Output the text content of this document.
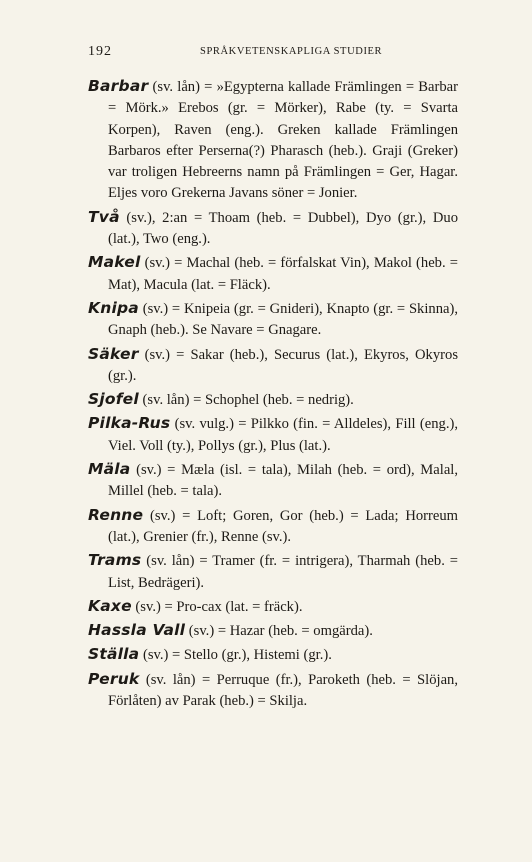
192	SPRÅKVETENSKAPLIGA STUDIER

Barbar (sv. lån) = »Egypterna kallade Främlingen = Barbar = Mörk.» Erebos (gr. = Mörker), Rabe (ty. = Svarta Korpen), Raven (eng.). Greken kallade Främlingen Barbaros efter Perserna(?) Pharasch (heb.). Graji (Greker) var troligen Hebreerns namn på Främlingen = Ger, Hagar. Eljes voro Grekerna Javans söner = Jonier.

Två (sv.), 2:an = Thoam (heb. = Dubbel), Dyo (gr.), Duo (lat.), Two (eng.).

Makel (sv.) = Machal (heb. = förfalskat Vin), Makol (heb. = Mat), Macula (lat. = Fläck).

Knipa (sv.) = Knipeia (gr. = Gnideri), Knapto (gr. = Skinna), Gnaph (heb.). Se Navare = Gnagare.

Säker (sv.) = Sakar (heb.), Securus (lat.), Ekyros, Okyros (gr.).

Sjofel (sv. lån) = Schophel (heb. = nedrig).

Pilka-Rus (sv. vulg.) = Pilkko (fin. = Alldeles), Fill (eng.), Viel. Voll (ty.), Pollys (gr.), Plus (lat.).

Mäla (sv.) = Mæla (isl. = tala), Milah (heb. = ord), Malal, Millel (heb. = tala).

Renne (sv.) = Loft; Goren, Gor (heb.) = Lada; Horreum (lat.), Grenier (fr.), Renne (sv.).

Trams (sv. lån) = Tramer (fr. = intrigera), Tharmah (heb. = List, Bedrägeri).

Kaxe (sv.) = Pro-cax (lat. = fräck).

Hassla Vall (sv.) = Hazar (heb. = omgärda).

Ställa (sv.) = Stello (gr.), Histemi (gr.).

Peruk (sv. lån) = Perruque (fr.), Paroketh (heb. = Slöjan, Förlåten) av Parak (heb.) = Skilja.
